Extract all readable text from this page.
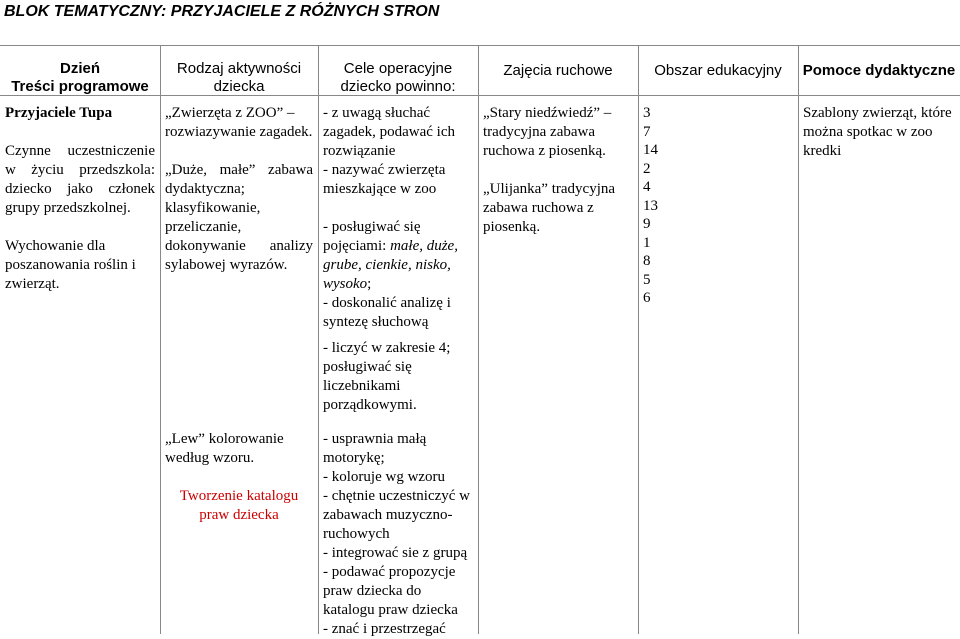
BLOK TEMATYCZNY: PRZYJACIELE Z RÓŻNYCH STRON
Dzień
Treści programowe
Rodzaj aktywności
dziecka
Cele operacyjne
dziecko powinno:
Zajęcia ruchowe	Obszar edukacyjny	Pomoce dydaktyczne

Przyjaciele Tupa

Czynne uczestniczenie w życiu przedszkola: dziecko jako członek grupy przedszkolnej.

Wychowanie dla poszanowania roślin i zwierząt.

„Zwierzęta z ZOO” – rozwiazywanie zagadek.

„Duże, małe” zabawa dydaktyczna; klasyfikowanie, przeliczanie, dokonywanie analizy sylabowej wyrazów.

„Lew” kolorowanie według wzoru.

Tworzenie katalogu praw dziecka

- z uwagą słuchać zagadek, podawać ich rozwiązanie

- nazywać zwierzęta mieszkające w zoo

- posługiwać się pojęciami: małe, duże, grube, cienkie, nisko, wysoko;

- doskonalić analizę i syntezę słuchową

- liczyć w zakresie 4; posługiwać się liczebnikami porządkowymi.

- usprawnia małą motorykę;

- koloruje wg wzoru

- chętnie uczestniczyć w zabawach muzyczno-ruchowych

- integrować sie z grupą

- podawać propozycje praw dziecka do katalogu praw dziecka

- znać i przestrzegać

„Stary niedźwiedź” – tradycyjna zabawa ruchowa z piosenką.

„Ulijanka” tradycyjna zabawa ruchowa z piosenką.

3

7

14

2

4

13

9

1

8

5

6

Szablony zwierząt, które można spotkac w zoo

kredki
